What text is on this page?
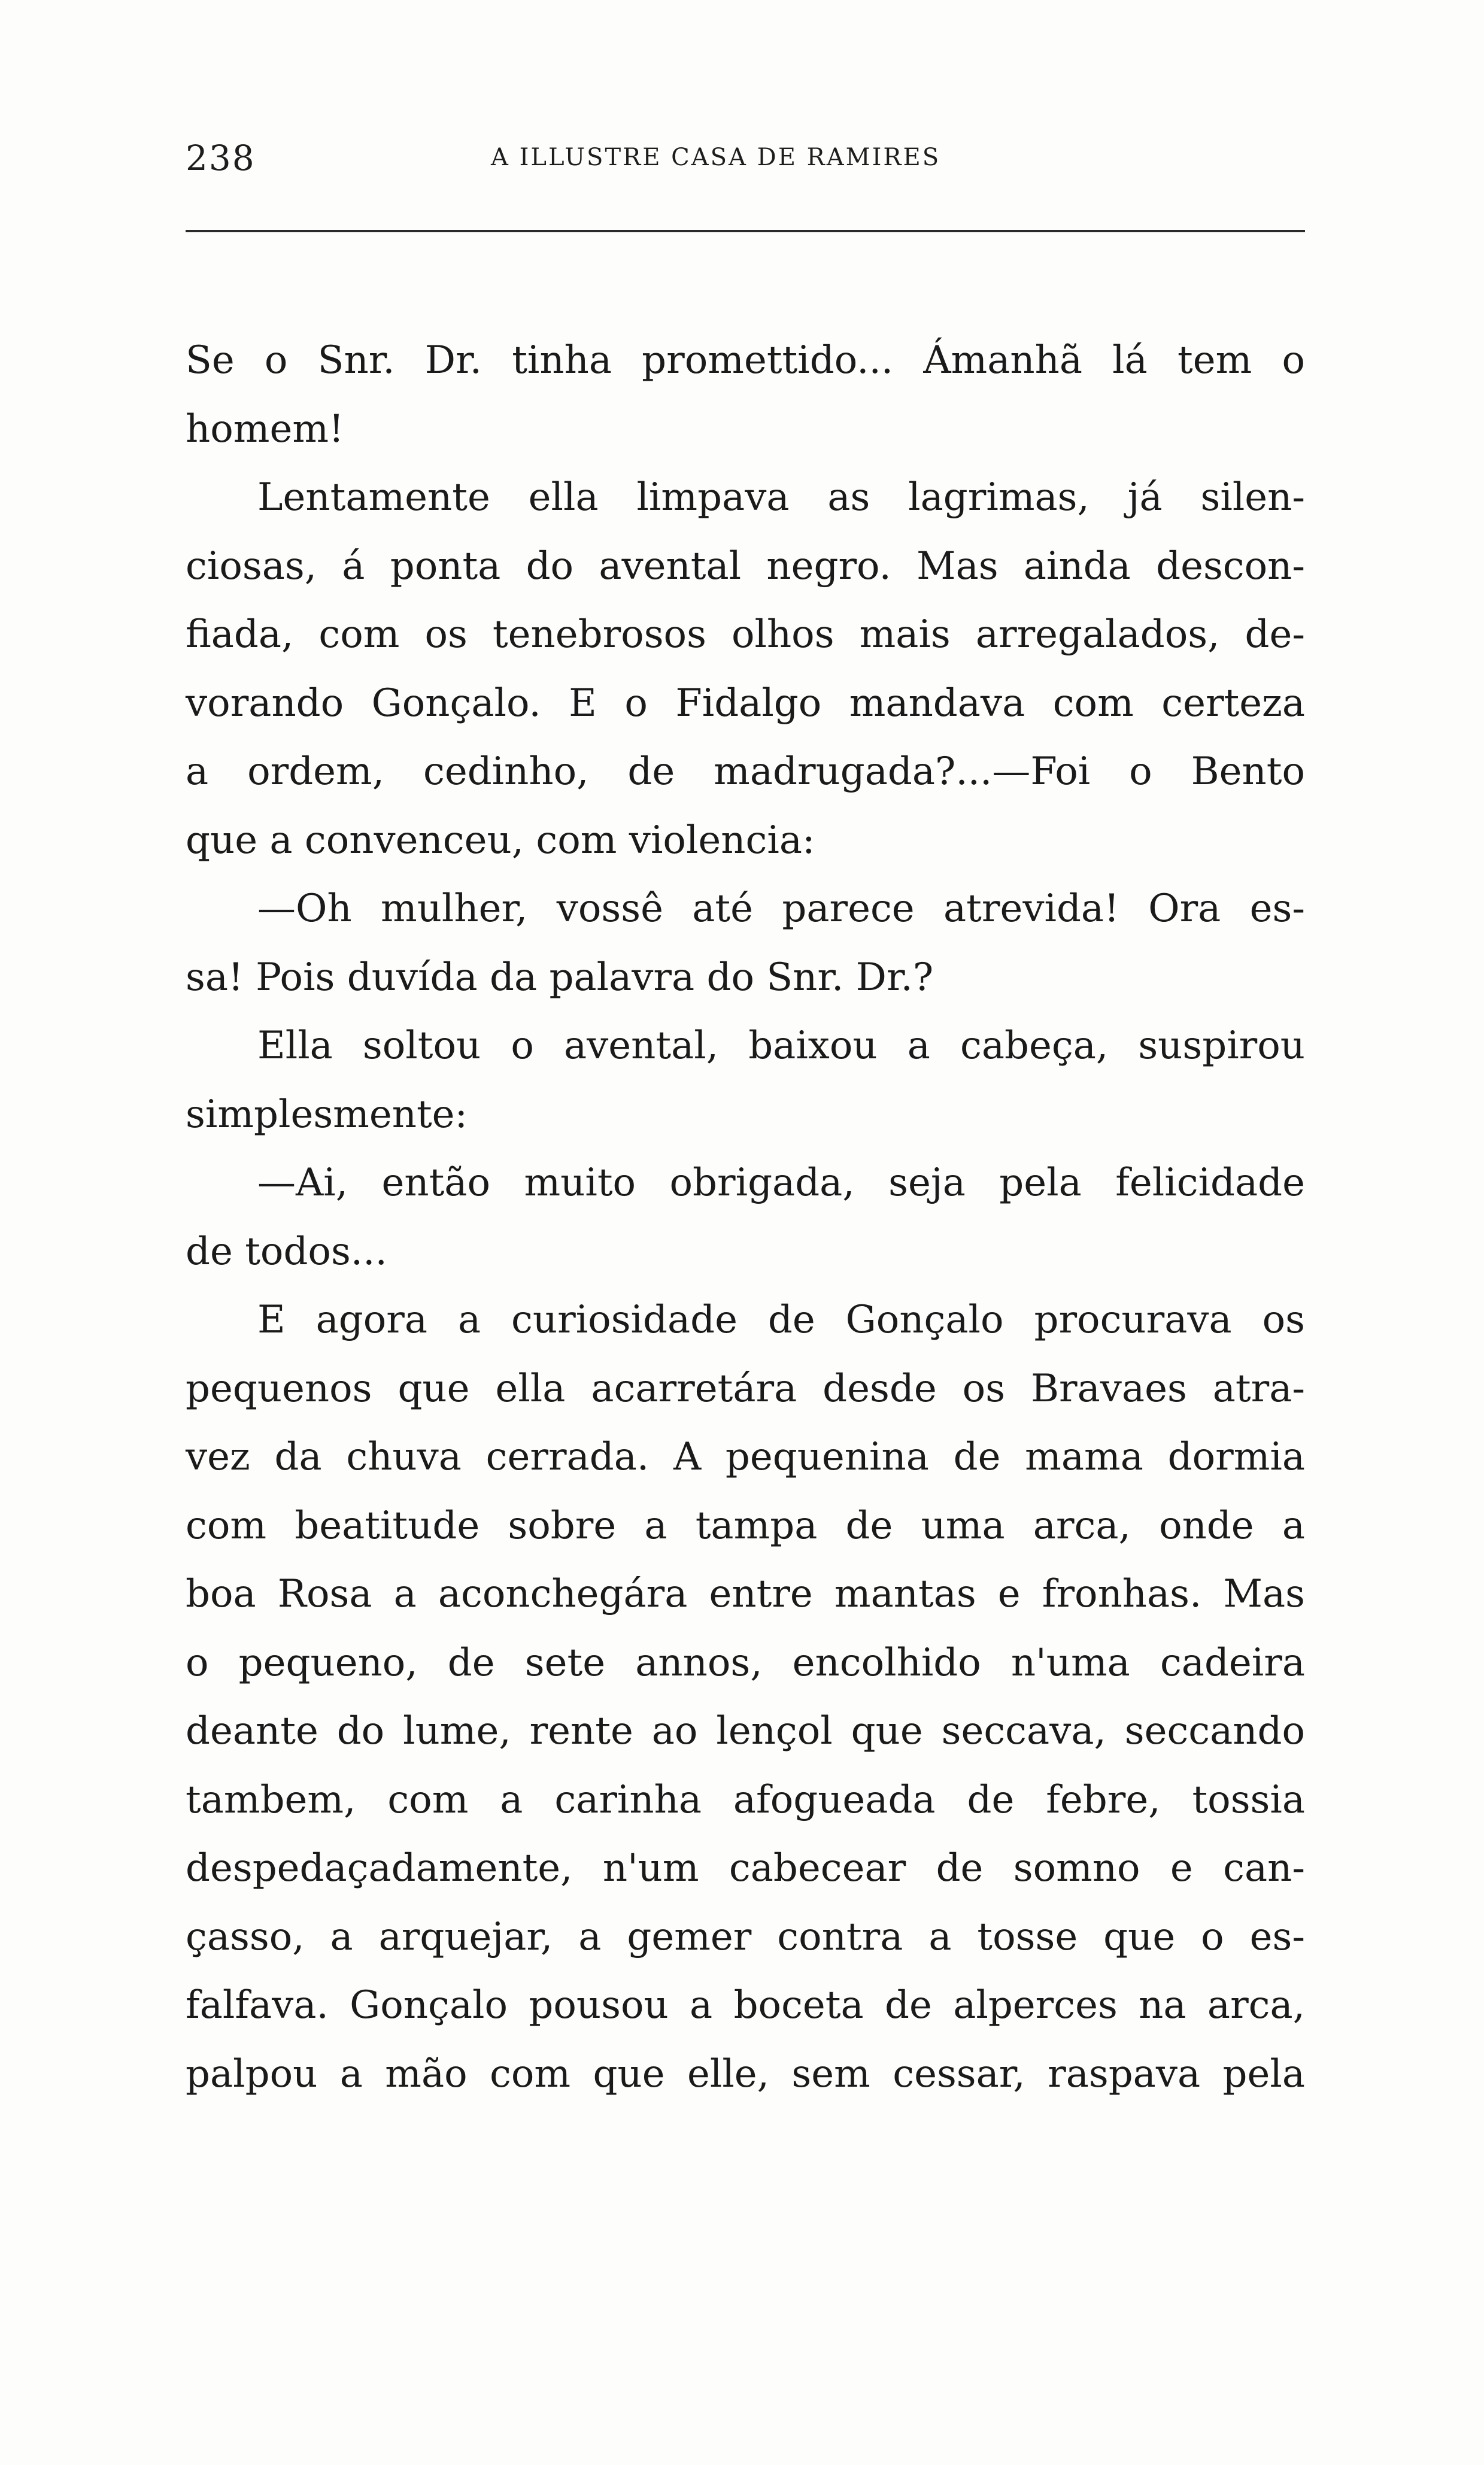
238	A ILLUSTRE CASA DE RAMIRES
Se o Snr. Dr. tinha promettido... Ámanhã lá tem o
homem!
Lentamente ella limpava as lagrimas, já silen-
ciosas, á ponta do avental negro. Mas ainda descon-
fiada, com os tenebrosos olhos mais arregalados, de-
vorando Gonçalo. E o Fidalgo mandava com certeza
a ordem, cedinho, de madrugada?...—Foi o Bento
que a convenceu, com violencia:
—Oh mulher, vossê até parece atrevida! Ora es-
sa! Pois duvída da palavra do Snr. Dr.?
Ella soltou o avental, baixou a cabeça, suspirou
simplesmente:
—Ai, então muito obrigada, seja pela felicidade
de todos...
E agora a curiosidade de Gonçalo procurava os
pequenos que ella acarretára desde os Bravaes atra-
vez da chuva cerrada. A pequenina de mama dormia
com beatitude sobre a tampa de uma arca, onde a
boa Rosa a aconchegára entre mantas e fronhas. Mas
o pequeno, de sete annos, encolhido n'uma cadeira
deante do lume, rente ao lençol que seccava, seccando
tambem, com a carinha afogueada de febre, tossia
despedaçadamente, n'um cabecear de somno e can-
çasso, a arquejar, a gemer contra a tosse que o es-
falfava. Gonçalo pousou a boceta de alperces na arca,
palpou a mão com que elle, sem cessar, raspava pela
